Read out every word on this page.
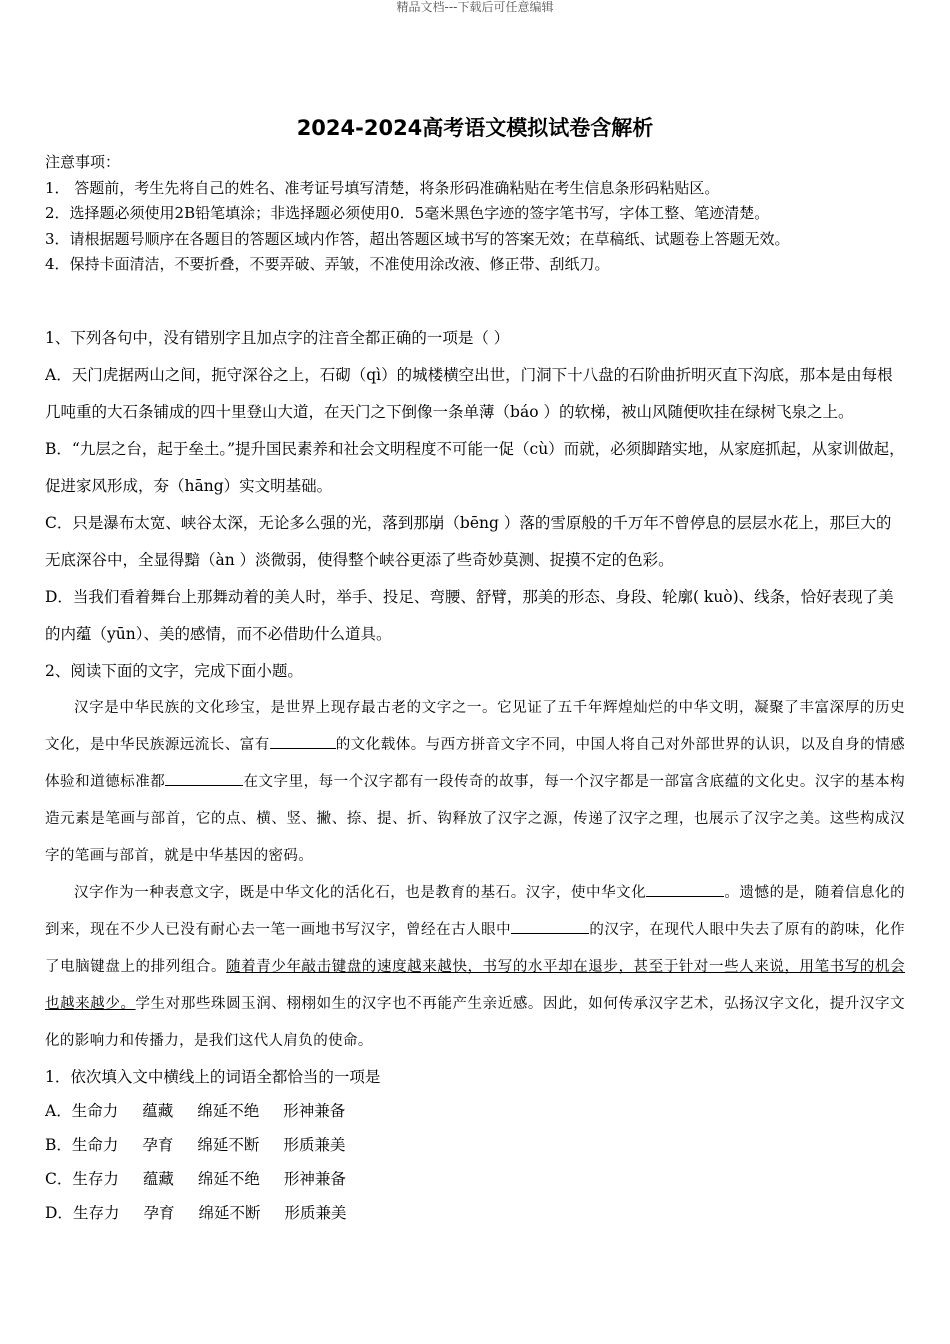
精品文档---下载后可任意编辑
2024-2024高考语文模拟试卷含解析
注意事项：
1． 答题前，考生先将自己的姓名、准考证号填写清楚，将条形码准确粘贴在考生信息条形码粘贴区。
2．选择题必须使用2B铅笔填涂；非选择题必须使用0．5毫米黑色字迹的签字笔书写，字体工整、笔迹清楚。
3．请根据题号顺序在各题目的答题区域内作答，超出答题区域书写的答案无效；在草稿纸、试题卷上答题无效。
4．保持卡面清洁，不要折叠，不要弄破、弄皱，不准使用涂改液、修正带、刮纸刀。

1、下列各句中，没有错别字且加点字的注音全都正确的一项是（ ）

A．天门虎据两山之间，扼守深谷之上，石砌（qì）的城楼横空出世，门洞下十八盘的石阶曲折明灭直下沟底，那本是由每根几吨重的大石条铺成的四十里登山大道，在天门之下倒像一条单薄（báo ）的软梯，被山风随便吹挂在绿树飞泉之上。

B．“九层之台，起于垒土。”提升国民素养和社会文明程度不可能一促（cù）而就，必须脚踏实地，从家庭抓起，从家训做起，促进家风形成，夯（hāng）实文明基础。

C．只是瀑布太宽、峡谷太深，无论多么强的光，落到那崩（bēng ）落的雪原般的千万年不曾停息的层层水花上，那巨大的无底深谷中，全显得黯（àn ）淡微弱，使得整个峡谷更添了些奇妙莫测、捉摸不定的色彩。

D．当我们看着舞台上那舞动着的美人时，举手、投足、弯腰、舒臂，那美的形态、身段、轮廓( kuò)、线条，恰好表现了美的内蕴（yūn）、美的感情，而不必借助什么道具。

2、阅读下面的文字，完成下面小题。

汉字是中华民族的文化珍宝，是世界上现存最古老的文字之一。它见证了五千年辉煌灿烂的中华文明，凝聚了丰富深厚的历史文化，是中华民族源远流长、富有	的文化载体。与西方拼音文字不同，中国人将自己对外部世界的认识，以及自身的情感体验和道德标准都	在文字里，每一个汉字都有一段传奇的故事，每一个汉字都是一部富含底蕴的文化史。汉字的基本构造元素是笔画与部首，它的点、横、竖、撇、捺、提、折、钩释放了汉字之源，传递了汉字之理，也展示了汉字之美。这些构成汉字的笔画与部首，就是中华基因的密码。

汉字作为一种表意文字，既是中华文化的活化石，也是教育的基石。汉字，使中华文化	。遗憾的是，随着信息化的到来，现在不少人已没有耐心去一笔一画地书写汉字，曾经在古人眼中	的汉字，在现代人眼中失去了原有的韵味，化作了电脑键盘上的排列组合。随着青少年敲击键盘的速度越来越快，书写的水平却在退步，甚至于针对一些人来说，用笔书写的机会也越来越少。学生对那些珠圆玉润、栩栩如生的汉字也不再能产生亲近感。因此，如何传承汉字艺术，弘扬汉字文化，提升汉字文化的影响力和传播力，是我们这代人肩负的使命。

1．依次填入文中横线上的词语全都恰当的一项是

A．生命力 蕴藏 绵延不绝 形神兼备
B．生命力 孕育 绵延不断 形质兼美
C．生存力 蕴藏 绵延不绝 形神兼备
D．生存力 孕育 绵延不断 形质兼美
